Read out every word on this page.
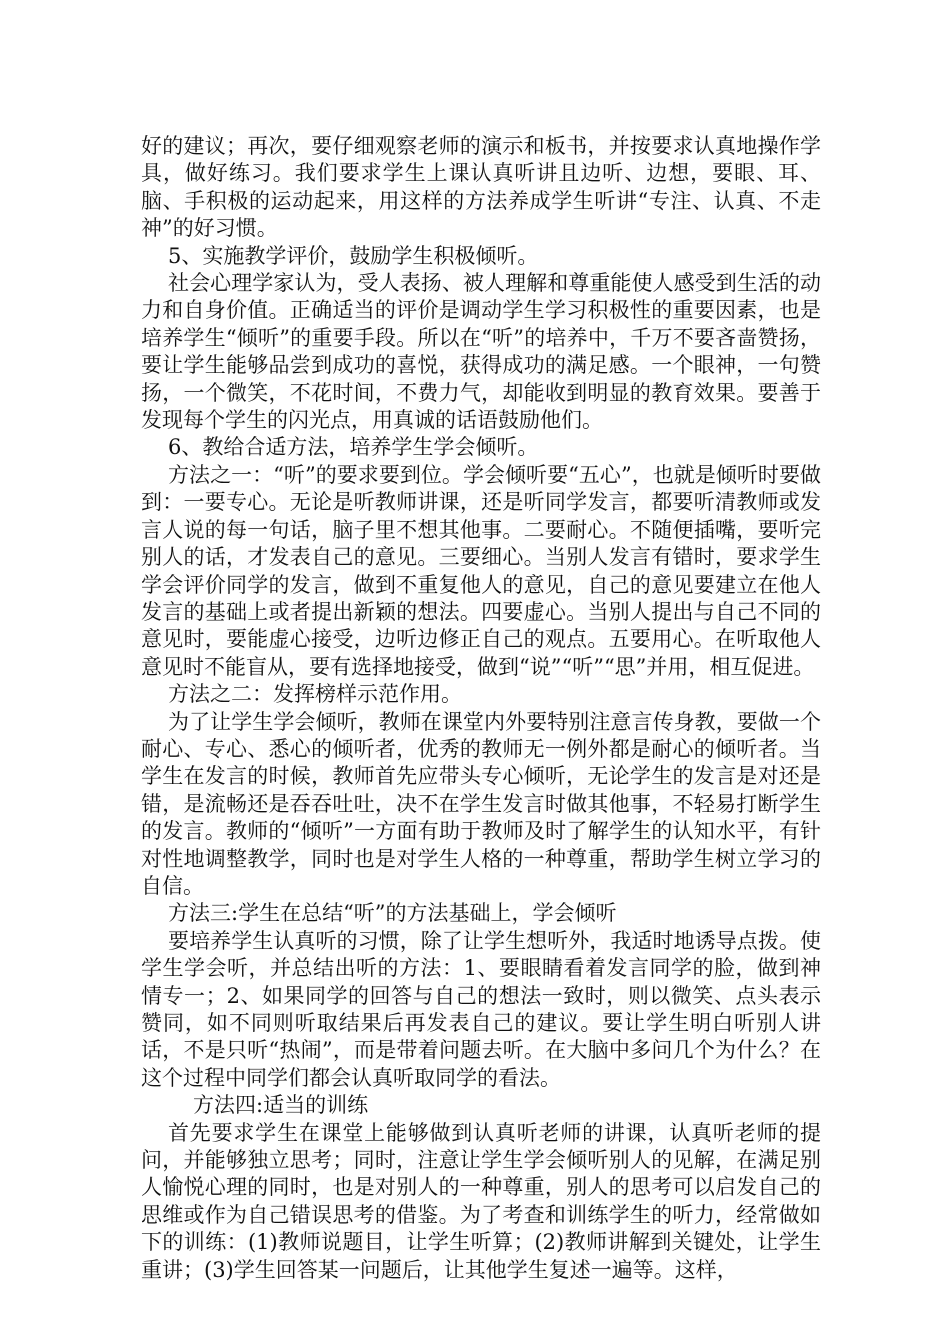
好的建议；再次，要仔细观察老师的演示和板书，并按要求认真地操作学具，做好练习。我们要求学生上课认真听讲且边听、边想，要眼、耳、脑、手积极的运动起来，用这样的方法养成学生听讲“专注、认真、不走神”的好习惯。

5、实施教学评价，鼓励学生积极倾听。

社会心理学家认为，受人表扬、被人理解和尊重能使人感受到生活的动力和自身价值。正确适当的评价是调动学生学习积极性的重要因素，也是培养学生“倾听”的重要手段。所以在“听”的培养中，千万不要吝啬赞扬，要让学生能够品尝到成功的喜悦，获得成功的满足感。一个眼神，一句赞扬，一个微笑，不花时间，不费力气，却能收到明显的教育效果。要善于发现每个学生的闪光点，用真诚的话语鼓励他们。

6、教给合适方法，培养学生学会倾听。

方法之一：“听”的要求要到位。学会倾听要“五心”，也就是倾听时要做到：一要专心。无论是听教师讲课，还是听同学发言，都要听清教师或发言人说的每一句话，脑子里不想其他事。二要耐心。不随便插嘴，要听完别人的话，才发表自己的意见。三要细心。当别人发言有错时，要求学生学会评价同学的发言，做到不重复他人的意见，自己的意见要建立在他人发言的基础上或者提出新颖的想法。四要虚心。当别人提出与自己不同的意见时，要能虚心接受，边听边修正自己的观点。五要用心。在听取他人意见时不能盲从，要有选择地接受，做到“说”“听”“思”并用，相互促进。

方法之二：发挥榜样示范作用。

为了让学生学会倾听，教师在课堂内外要特别注意言传身教，要做一个耐心、专心、悉心的倾听者，优秀的教师无一例外都是耐心的倾听者。当学生在发言的时候，教师首先应带头专心倾听，无论学生的发言是对还是错，是流畅还是吞吞吐吐，决不在学生发言时做其他事，不轻易打断学生的发言。教师的“倾听”一方面有助于教师及时了解学生的认知水平，有针对性地调整教学，同时也是对学生人格的一种尊重，帮助学生树立学习的自信。

方法三:学生在总结“听”的方法基础上，学会倾听

要培养学生认真听的习惯，除了让学生想听外，我适时地诱导点拨。使学生学会听，并总结出听的方法：1、要眼睛看着发言同学的脸，做到神情专一；2、如果同学的回答与自己的想法一致时，则以微笑、点头表示赞同，如不同则听取结果后再发表自己的建议。要让学生明白听别人讲话，不是只听“热闹”，而是带着问题去听。在大脑中多问几个为什么？在这个过程中同学们都会认真听取同学的看法。

方法四:适当的训练

首先要求学生在课堂上能够做到认真听老师的讲课，认真听老师的提问，并能够独立思考；同时，注意让学生学会倾听别人的见解，在满足别人愉悦心理的同时，也是对别人的一种尊重，别人的思考可以启发自己的思维或作为自己错误思考的借鉴。为了考查和训练学生的听力，经常做如下的训练：(1)教师说题目，让学生听算；(2)教师讲解到关键处，让学生重讲；(3)学生回答某一问题后，让其他学生复述一遍等。这样，
